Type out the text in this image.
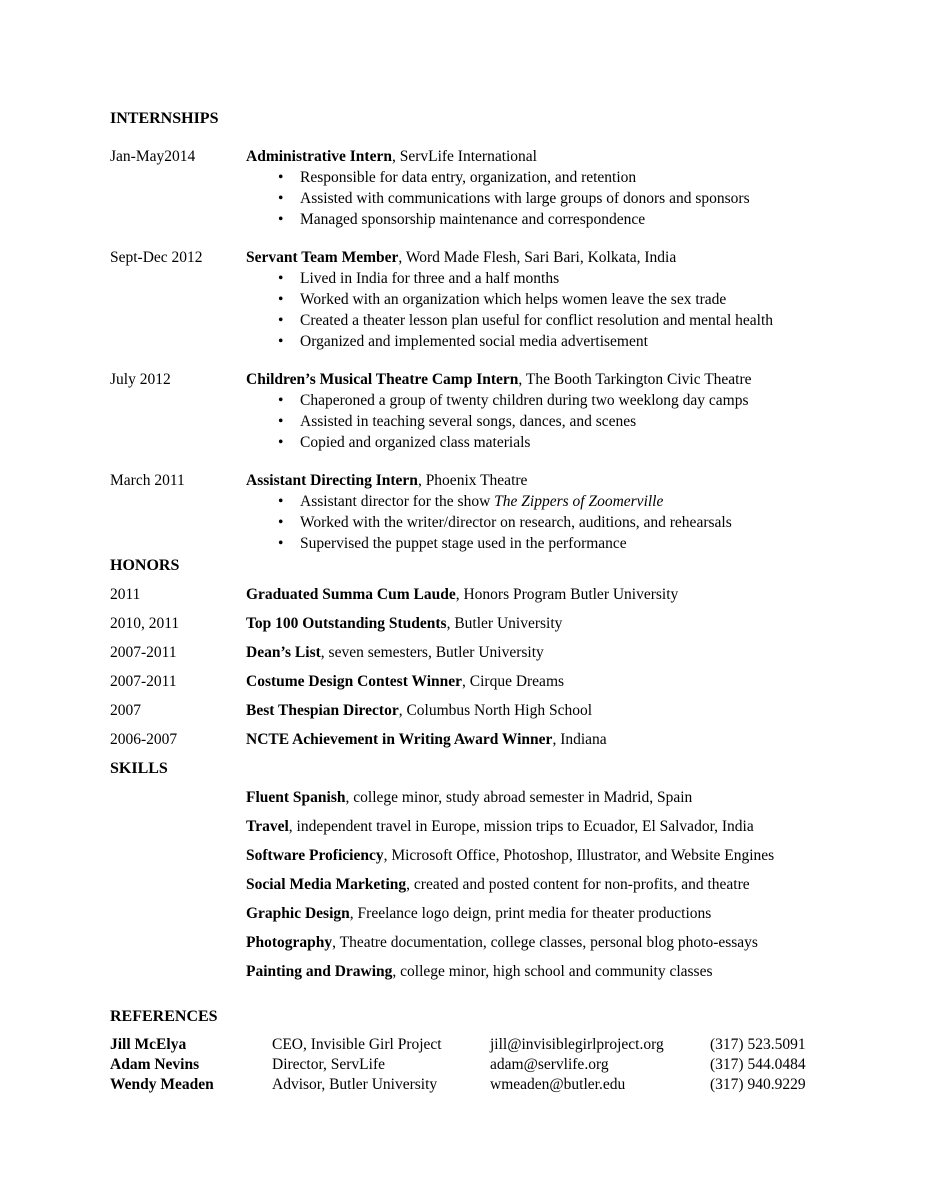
INTERNSHIPS
Jan-May2014	Administrative Intern, ServLife International
• Responsible for data entry, organization, and retention
• Assisted with communications with large groups of donors and sponsors
• Managed sponsorship maintenance and correspondence
Sept-Dec 2012	Servant Team Member, Word Made Flesh, Sari Bari, Kolkata, India
• Lived in India for three and a half months
• Worked with an organization which helps women leave the sex trade
• Created a theater lesson plan useful for conflict resolution and mental health
• Organized and implemented social media advertisement
July 2012	Children’s Musical Theatre Camp Intern, The Booth Tarkington Civic Theatre
• Chaperoned a group of twenty children during two weeklong day camps
• Assisted in teaching several songs, dances, and scenes
• Copied and organized class materials
March 2011	Assistant Directing Intern, Phoenix Theatre
• Assistant director for the show The Zippers of Zoomerville
• Worked with the writer/director on research, auditions, and rehearsals
• Supervised the puppet stage used in the performance
HONORS
2011	Graduated Summa Cum Laude, Honors Program Butler University
2010, 2011	Top 100 Outstanding Students, Butler University
2007-2011	Dean’s List, seven semesters, Butler University
2007-2011	Costume Design Contest Winner, Cirque Dreams
2007	Best Thespian Director, Columbus North High School
2006-2007	NCTE Achievement in Writing Award Winner, Indiana
SKILLS
Fluent Spanish, college minor, study abroad semester in Madrid, Spain
Travel, independent travel in Europe, mission trips to Ecuador, El Salvador, India
Software Proficiency, Microsoft Office, Photoshop, Illustrator, and Website Engines
Social Media Marketing, created and posted content for non-profits, and theatre
Graphic Design, Freelance logo deign, print media for theater productions
Photography, Theatre documentation, college classes, personal blog photo-essays
Painting and Drawing, college minor, high school and community classes
REFERENCES
Jill McElya	CEO, Invisible Girl Project	jill@invisiblegirlproject.org	(317) 523.5091
Adam Nevins	Director, ServLife	adam@servlife.org	(317) 544.0484
Wendy Meaden	Advisor, Butler University	wmeaden@butler.edu	(317) 940.9229
